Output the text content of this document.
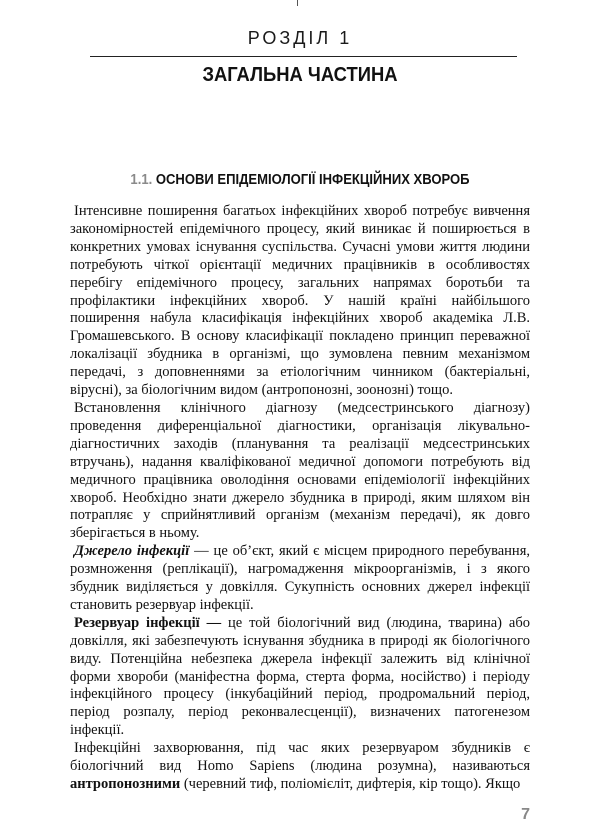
РОЗДІЛ 1
ЗАГАЛЬНА ЧАСТИНА
1.1. ОСНОВИ ЕПІДЕМІОЛОГІЇ ІНФЕКЦІЙНИХ ХВОРОБ

Інтенсивне поширення багатьох інфекційних хвороб потребує вивчення закономірностей епідемічного процесу, який виникає й поширюється в конкретних умовах існування суспільства. Сучасні умови життя людини потребують чіткої орієнтації медичних працівників в особливостях перебігу епідемічного процесу, загальних напрямах боротьби та профілактики інфекційних хвороб. У нашій країні найбільшого поширення набула класифікація інфекційних хвороб академіка Л.В. Громашевського. В основу класифікації покладено принцип переважної локалізації збудника в організмі, що зумовлена певним механізмом передачі, з доповненнями за етіологічним чинником (бактеріальні, вірусні), за біологічним видом (антропонозні, зоонозні) тощо.

Встановлення клінічного діагнозу (медсестринського діагнозу) проведення диференціальної діагностики, організація лікувально-діагностичних заходів (планування та реалізації медсестринських втручань), надання кваліфікованої медичної допомоги потребують від медичного працівника оволодіння основами епідеміології інфекційних хвороб. Необхідно знати джерело збудника в природі, яким шляхом він потрапляє у сприйнятливий організм (механізм передачі), як довго зберігається в ньому.

Джерело інфекції — це об’єкт, який є місцем природного перебування, розмноження (реплікації), нагромадження мікроорганізмів, і з якого збудник виділяється у довкілля. Сукупність основних джерел інфекції становить резервуар інфекції.

Резервуар інфекції — це той біологічний вид (людина, тварина) або довкілля, які забезпечують існування збудника в природі як біологічного виду. Потенційна небезпека джерела інфекції залежить від клінічної форми хвороби (маніфестна форма, стерта форма, носійство) і періоду інфекційного процесу (інкубаційний період, продромальний період, період розпалу, період реконвалесценції), визначених патогенезом інфекції.

Інфекційні захворювання, під час яких резервуаром збудників є біологічний вид Homo Sapiens (людина розумна), називаються антропонозними (черевний тиф, поліомієліт, дифтерія, кір тощо). Якщо

7
